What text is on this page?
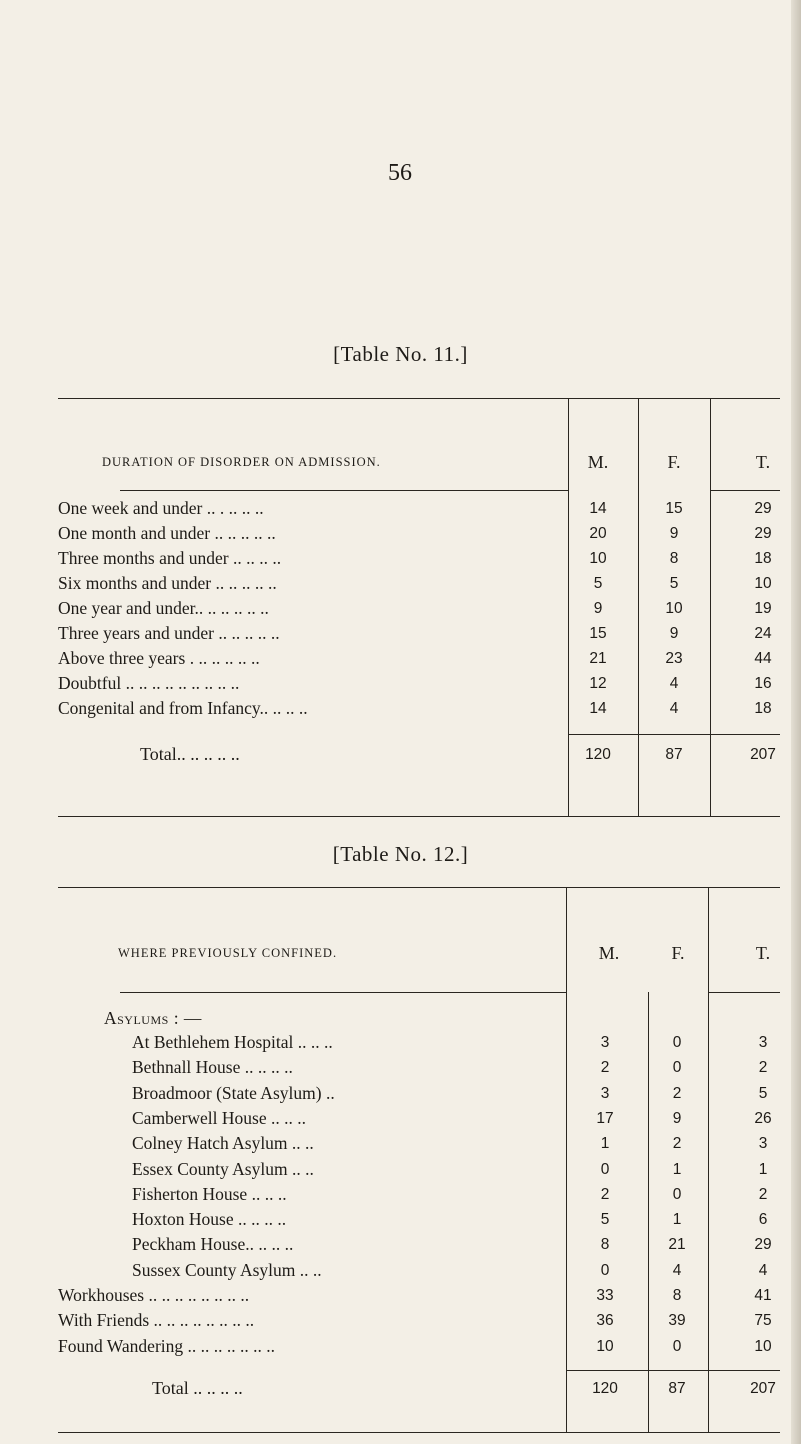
56
[Table No. 11.]
DURATION OF DISORDER ON ADMISSION.	M.	F.	T.
One week and under .. . .. .. ..	14	15	29
One month and under .. .. .. .. ..	20	9	29
Three months and under .. .. .. ..	10	8	18
Six months and under .. .. .. .. ..	5	5	10
One year and under.. .. .. .. .. ..	9	10	19
Three years and under .. .. .. .. ..	15	9	24
Above three years . .. .. .. .. ..	21	23	44
Doubtful .. .. .. .. .. .. .. .. ..	12	4	16
Congenital and from Infancy.. .. .. ..	14	4	18
Total.. .. .. .. ..	120	87	207
[Table No. 12.]
WHERE PREVIOUSLY CONFINED.	M.	F.	T.
Asylums : —
At Bethlehem Hospital .. .. ..	3	0	3
Bethnall House .. .. .. ..	2	0	2
Broadmoor (State Asylum) ..	3	2	5
Camberwell House .. .. ..	17	9	26
Colney Hatch Asylum .. ..	1	2	3
Essex County Asylum .. ..	0	1	1
Fisherton House .. .. ..	2	0	2
Hoxton House .. .. .. ..	5	1	6
Peckham House.. .. .. ..	8	21	29
Sussex County Asylum .. ..	0	4	4
Workhouses .. .. .. .. .. .. .. ..	33	8	41
With Friends .. .. .. .. .. .. .. ..	36	39	75
Found Wandering .. .. .. .. .. .. ..	10	0	10
Total .. .. .. ..	120	87	207
